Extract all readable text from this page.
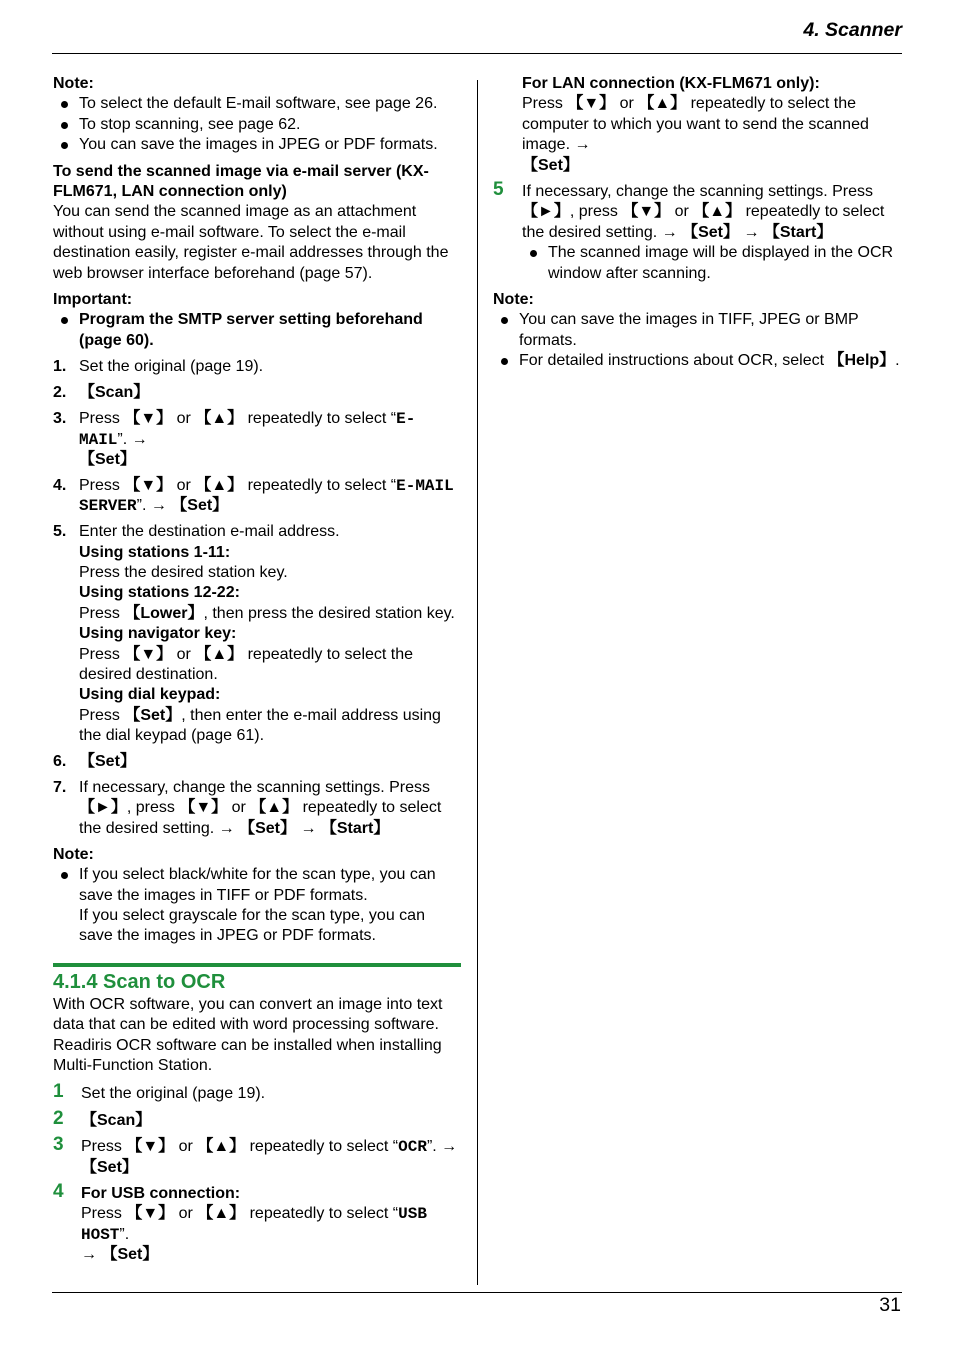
4. Scanner
31

Note:

To select the default E-mail software, see page 26.
To stop scanning, see page 62.
You can save the images in JPEG or PDF formats.

To send the scanned image via e-mail server (KX-FLM671, LAN connection only)

You can send the scanned image as an attachment without using e-mail software. To select the e-mail destination easily, register e-mail addresses through the web browser interface beforehand (page 57).

Important:

Program the SMTP server setting beforehand (page 60).
1. Set the original (page 19).
2. 【Scan】
3. Press 【▼】 or 【▲】 repeatedly to select “E-MAIL”. →
【Set】
4. Press 【▼】 or 【▲】 repeatedly to select “E-MAIL SERVER”. → 【Set】
5. Enter the destination e-mail address.

Using stations 1-11:

Press the desired station key.

Using stations 12-22:

Press 【Lower】, then press the desired station key.

Using navigator key:

Press 【▼】 or 【▲】 repeatedly to select the desired destination.

Using dial keypad:

Press 【Set】, then enter the e-mail address using the dial keypad (page 61).

6. 【Set】
7. If necessary, change the scanning settings. Press 【►】, press 【▼】 or 【▲】 repeatedly to select the desired setting. → 【Set】 → 【Start】

Note:

If you select black/white for the scan type, you can save the images in TIFF or PDF formats.
If you select grayscale for the scan type, you can save the images in JPEG or PDF formats.
4.1.4 Scan to OCR

With OCR software, you can convert an image into text data that can be edited with word processing software. Readiris OCR software can be installed when installing Multi-Function Station.

1 Set the original (page 19).
2 【Scan】
3 Press 【▼】 or 【▲】 repeatedly to select “OCR”. →
【Set】
4 For USB connection:

Press 【▼】 or 【▲】 repeatedly to select “USB HOST”.
→ 【Set】

For LAN connection (KX-FLM671 only):

Press 【▼】 or 【▲】 repeatedly to select the computer to which you want to send the scanned image. →
【Set】

5 If necessary, change the scanning settings. Press 【►】, press 【▼】 or 【▲】 repeatedly to select the desired setting. → 【Set】 → 【Start】
The scanned image will be displayed in the OCR window after scanning.

Note:

You can save the images in TIFF, JPEG or BMP formats.
For detailed instructions about OCR, select 【Help】.
